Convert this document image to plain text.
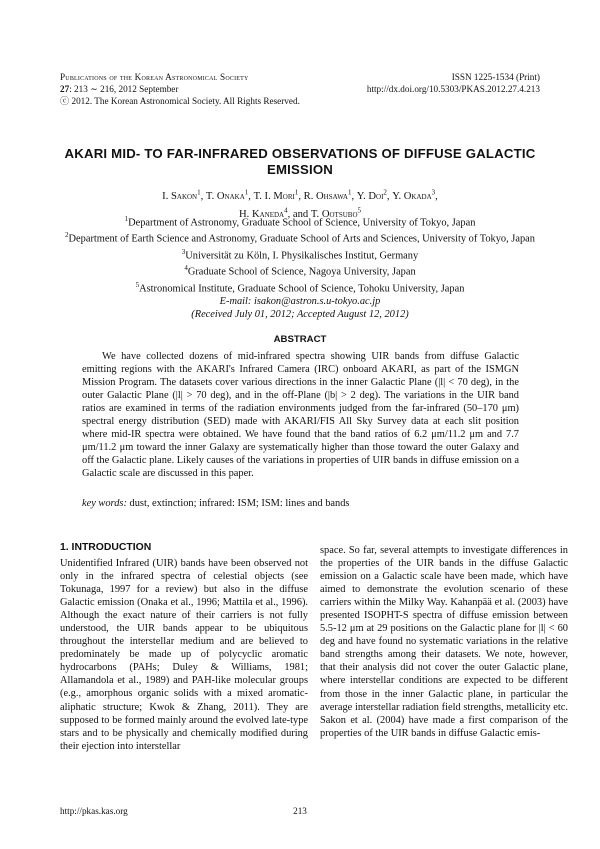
Publications of the Korean Astronomical Society
27: 213 ∼ 216, 2012 September
ⓒ 2012. The Korean Astronomical Society. All Rights Reserved.
ISSN 1225-1534 (Print)
http://dx.doi.org/10.5303/PKAS.2012.27.4.213
AKARI MID- TO FAR-INFRARED OBSERVATIONS OF DIFFUSE GALACTIC
EMISSION
I. Sakon$^1$, T. Onaka$^1$, T. I. Mori$^1$, R. Ohsawa$^1$, Y. Doi$^2$, Y. Okada$^3$,
H. Kaneda$^4$, and T. Ootsubo$^5$
$^1$Department of Astronomy, Graduate School of Science, University of Tokyo, Japan
$^2$Department of Earth Science and Astronomy, Graduate School of Arts and Sciences, University of Tokyo, Japan
$^3$Universität zu Köln, I. Physikalisches Institut, Germany
$^4$Graduate School of Science, Nagoya University, Japan
$^5$Astronomical Institute, Graduate School of Science, Tohoku University, Japan
E-mail: isakon@astron.s.u-tokyo.ac.jp
(Received July 01, 2012; Accepted August 12, 2012)
ABSTRACT
We have collected dozens of mid-infrared spectra showing UIR bands from diffuse Galactic emitting regions with the AKARI's Infrared Camera (IRC) onboard AKARI, as part of the ISMGN Mission Program. The datasets cover various directions in the inner Galactic Plane (|l| < 70 deg), in the outer Galactic Plane (|l| > 70 deg), and in the off-Plane (|b| > 2 deg). The variations in the UIR band ratios are examined in terms of the radiation environments judged from the far-infrared (50–170 μm) spectral energy distribution (SED) made with AKARI/FIS All Sky Survey data at each slit position where mid-IR spectra were obtained. We have found that the band ratios of 6.2 μm/11.2 μm and 7.7 μm/11.2 μm toward the inner Galaxy are systematically higher than those toward the outer Galaxy and off the Galactic plane. Likely causes of the variations in properties of UIR bands in diffuse emission on a Galactic scale are discussed in this paper.
key words: dust, extinction; infrared: ISM; ISM: lines and bands
1. INTRODUCTION
Unidentified Infrared (UIR) bands have been observed not only in the infrared spectra of celestial objects (see Tokunaga, 1997 for a review) but also in the diffuse Galactic emission (Onaka et al., 1996; Mattila et al., 1996). Although the exact nature of their carriers is not fully understood, the UIR bands appear to be ubiquitous throughout the interstellar medium and are believed to predominately be made up of polycyclic aromatic hydrocarbons (PAHs; Duley & Williams, 1981; Allamandola et al., 1989) and PAH-like molecular groups (e.g., amorphous organic solids with a mixed aromatic-aliphatic structure; Kwok & Zhang, 2011). They are supposed to be formed mainly around the evolved late-type stars and to be physically and chemically modified during their ejection into interstellar
space. So far, several attempts to investigate differences in the properties of the UIR bands in the diffuse Galactic emission on a Galactic scale have been made, which have aimed to demonstrate the evolution scenario of these carriers within the Milky Way. Kahanpää et al. (2003) have presented ISOPHT-S spectra of diffuse emission between 5.5-12 μm at 29 positions on the Galactic plane for |l| < 60 deg and have found no systematic variations in the relative band strengths among their datasets. We note, however, that their analysis did not cover the outer Galactic plane, where interstellar conditions are expected to be different from those in the inner Galactic plane, in particular the average interstellar radiation field strengths, metallicity etc. Sakon et al. (2004) have made a first comparison of the properties of the UIR bands in diffuse Galactic emis-
http://pkas.kas.org	213
